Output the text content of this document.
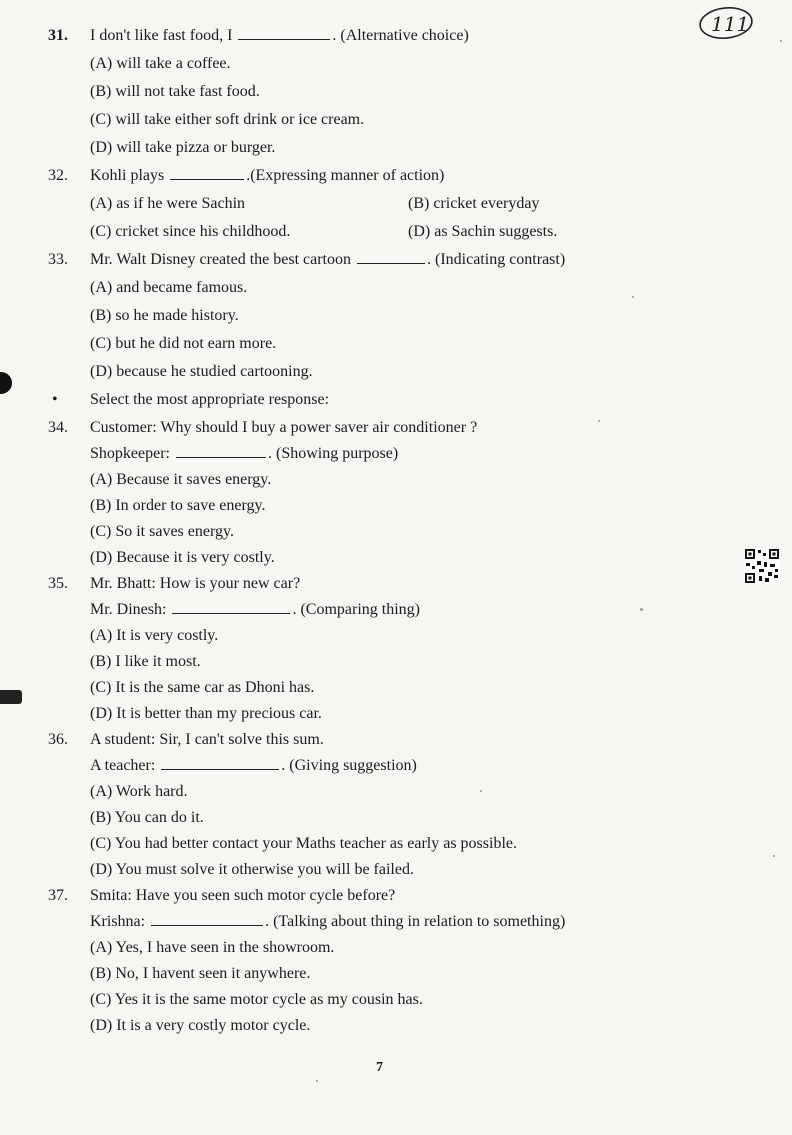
111
31. I don't like fast food, I	. (Alternative choice)
(A) will take a coffee.
(B) will not take fast food.
(C) will take either soft drink or ice cream.
(D) will take pizza or burger.
32. Kohli plays	.(Expressing manner of action)
(A) as if he were Sachin	(B) cricket everyday
(C) cricket since his childhood.	(D) as Sachin suggests.
33. Mr. Walt Disney created the best cartoon	. (Indicating contrast)
(A) and became famous.
(B) so he made history.
(C) but he did not earn more.
(D) because he studied cartooning.
• Select the most appropriate response:
34. Customer: Why should I buy a power saver air conditioner ?
Shopkeeper:	. (Showing purpose)
(A) Because it saves energy.
(B) In order to save energy.
(C) So it saves energy.
(D) Because it is very costly.
35. Mr. Bhatt: How is your new car?
Mr. Dinesh:	. (Comparing thing)
(A) It is very costly.
(B) I like it most.
(C) It is the same car as Dhoni has.
(D) It is better than my precious car.
36. A student: Sir, I can't solve this sum.
A teacher:	. (Giving suggestion)
(A) Work hard.
(B) You can do it.
(C) You had better contact your Maths teacher as early as possible.
(D) You must solve it otherwise you will be failed.
37. Smita: Have you seen such motor cycle before?
Krishna:	. (Talking about thing in relation to something)
(A) Yes, I have seen in the showroom.
(B) No, I havent seen it anywhere.
(C) Yes it is the same motor cycle as my cousin has.
(D) It is a very costly motor cycle.
7
